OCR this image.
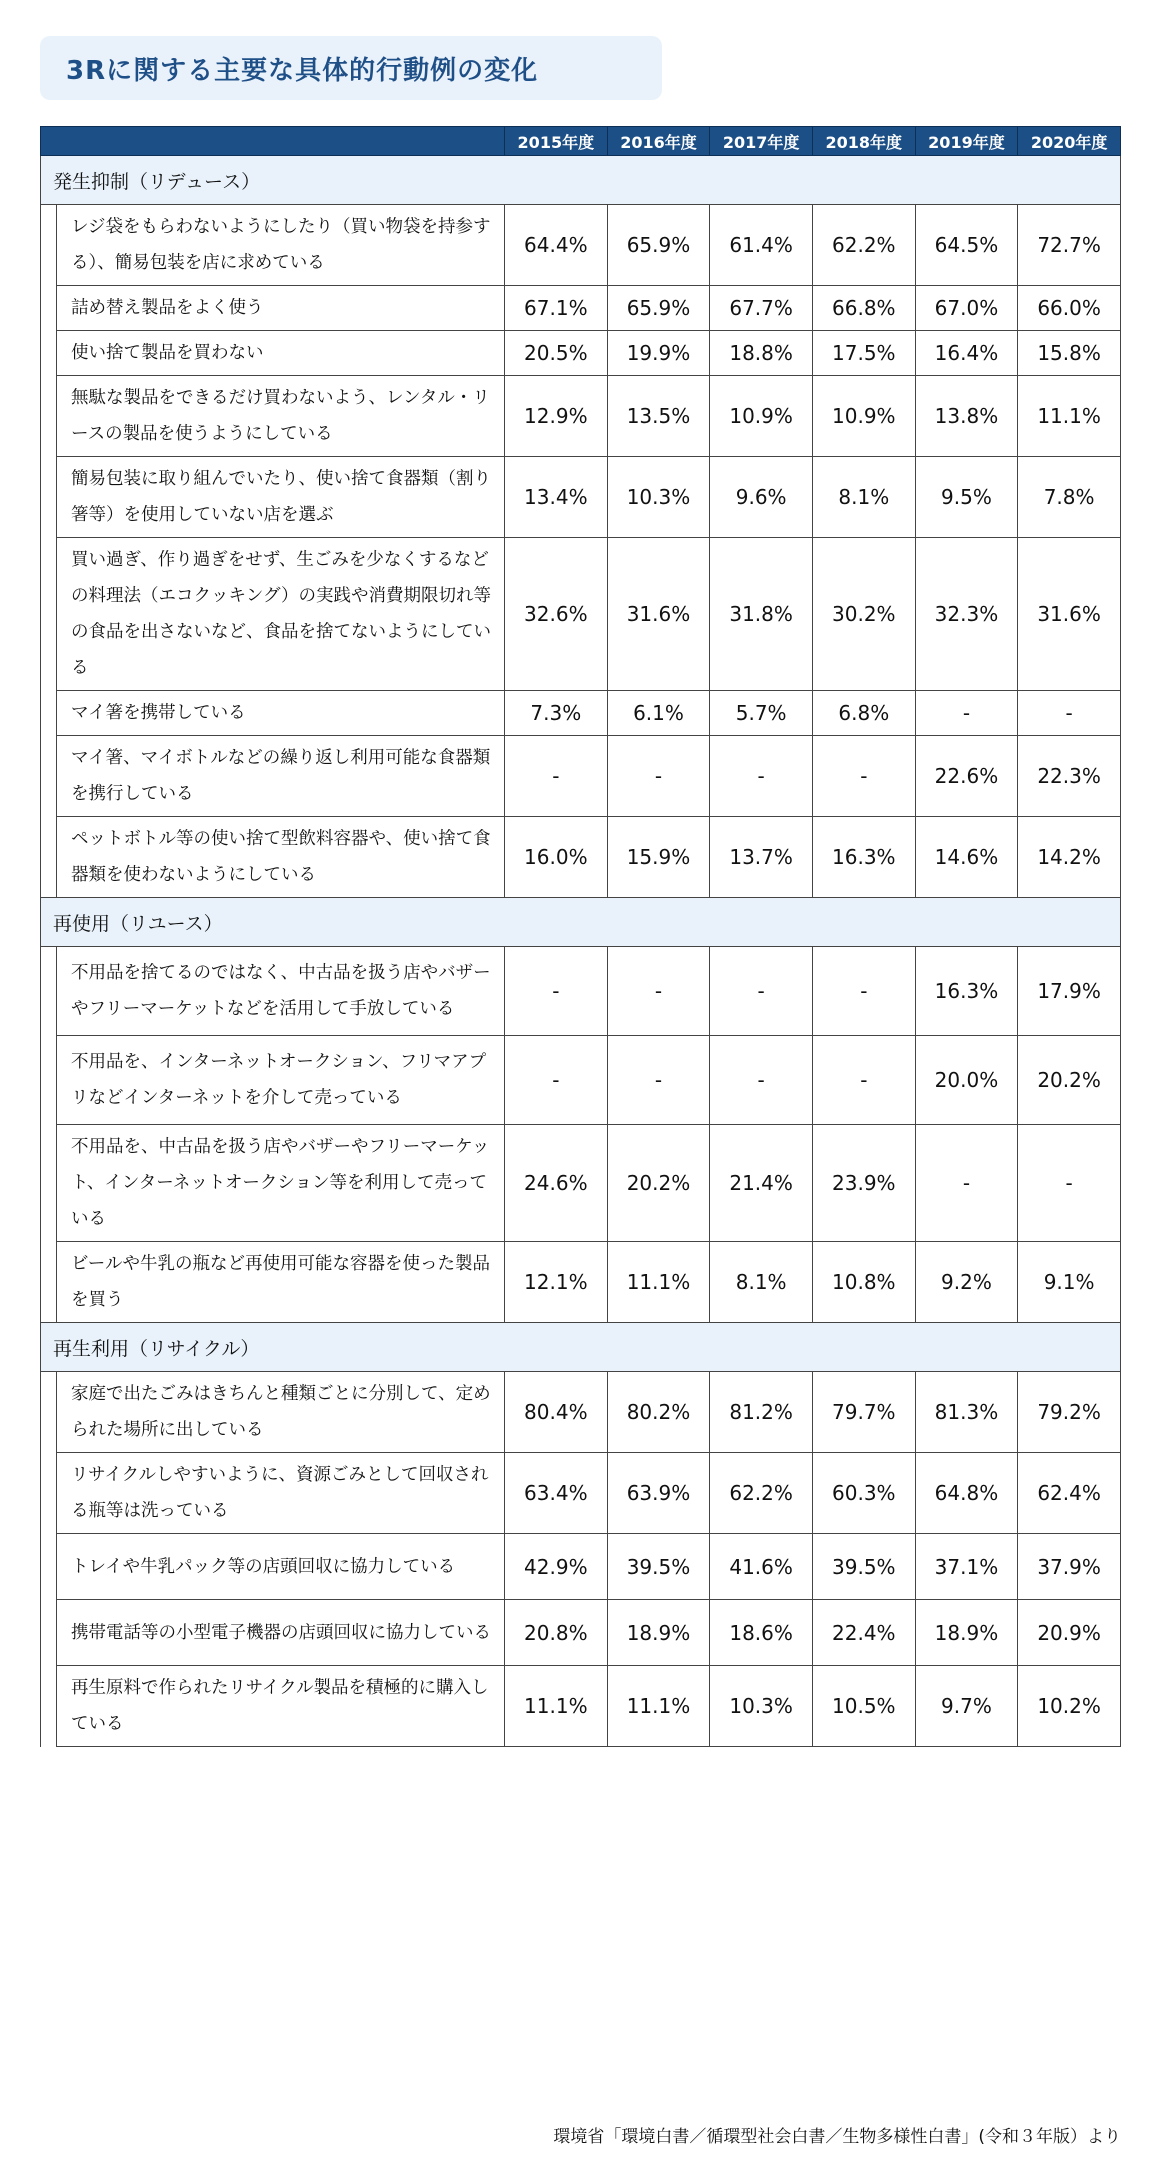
3Rに関する主要な具体的行動例の変化
		2015年度	2016年度	2017年度	2018年度	2019年度	2020年度
発生抑制（リデュース）							
	レジ袋をもらわないようにしたり（買い物袋を持参する）、簡易包装を店に求めている	64.4%	65.9%	61.4%	62.2%	64.5%	72.7%
	詰め替え製品をよく使う	67.1%	65.9%	67.7%	66.8%	67.0%	66.0%
	使い捨て製品を買わない	20.5%	19.9%	18.8%	17.5%	16.4%	15.8%
	無駄な製品をできるだけ買わないよう、レンタル・リースの製品を使うようにしている	12.9%	13.5%	10.9%	10.9%	13.8%	11.1%
	簡易包装に取り組んでいたり、使い捨て食器類（割り箸等）を使用していない店を選ぶ	13.4%	10.3%	9.6%	8.1%	9.5%	7.8%
	買い過ぎ、作り過ぎをせず、生ごみを少なくするなどの料理法（エコクッキング）の実践や消費期限切れ等の食品を出さないなど、食品を捨てないようにしている	32.6%	31.6%	31.8%	30.2%	32.3%	31.6%
	マイ箸を携帯している	7.3%	6.1%	5.7%	6.8%	-	-
	マイ箸、マイボトルなどの繰り返し利用可能な食器類を携行している	-	-	-	-	22.6%	22.3%
	ペットボトル等の使い捨て型飲料容器や、使い捨て食器類を使わないようにしている	16.0%	15.9%	13.7%	16.3%	14.6%	14.2%
再使用（リユース）							
	不用品を捨てるのではなく、中古品を扱う店やバザーやフリーマーケットなどを活用して手放している	-	-	-	-	16.3%	17.9%
	不用品を、インターネットオークション、フリマアプリなどインターネットを介して売っている	-	-	-	-	20.0%	20.2%
	不用品を、中古品を扱う店やバザーやフリーマーケット、インターネットオークション等を利用して売っている	24.6%	20.2%	21.4%	23.9%	-	-
	ビールや牛乳の瓶など再使用可能な容器を使った製品を買う	12.1%	11.1%	8.1%	10.8%	9.2%	9.1%
再生利用（リサイクル）							
	家庭で出たごみはきちんと種類ごとに分別して、定められた場所に出している	80.4%	80.2%	81.2%	79.7%	81.3%	79.2%
	リサイクルしやすいように、資源ごみとして回収される瓶等は洗っている	63.4%	63.9%	62.2%	60.3%	64.8%	62.4%
	トレイや牛乳パック等の店頭回収に協力している	42.9%	39.5%	41.6%	39.5%	37.1%	37.9%
	携帯電話等の小型電子機器の店頭回収に協力している	20.8%	18.9%	18.6%	22.4%	18.9%	20.9%
	再生原料で作られたリサイクル製品を積極的に購入している	11.1%	11.1%	10.3%	10.5%	9.7%	10.2%
環境省「環境白書／循環型社会白書／生物多様性白書」(令和３年版）より
